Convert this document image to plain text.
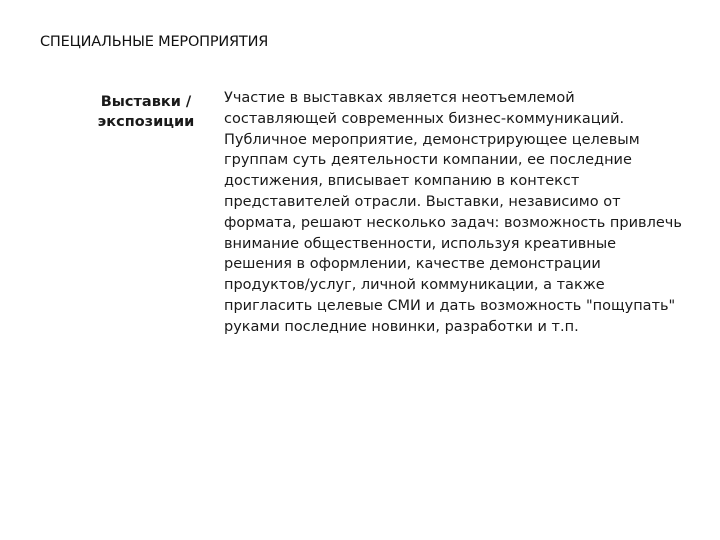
СПЕЦИАЛЬНЫЕ МЕРОПРИЯТИЯ
Выставки /
экспозиции
Участие в выставках является неотъемлемой
составляющей современных бизнес-коммуникаций.
Публичное мероприятие, демонстрирующее целевым
группам суть деятельности компании, ее последние
достижения, вписывает компанию в контекст
представителей отрасли. Выставки, независимо от
формата, решают несколько задач: возможность привлечь
внимание общественности, используя креативные
решения в оформлении, качестве демонстрации
продуктов/услуг, личной коммуникации, а также
пригласить целевые СМИ и дать возможность "пощупать"
руками последние новинки, разработки и т.п.
